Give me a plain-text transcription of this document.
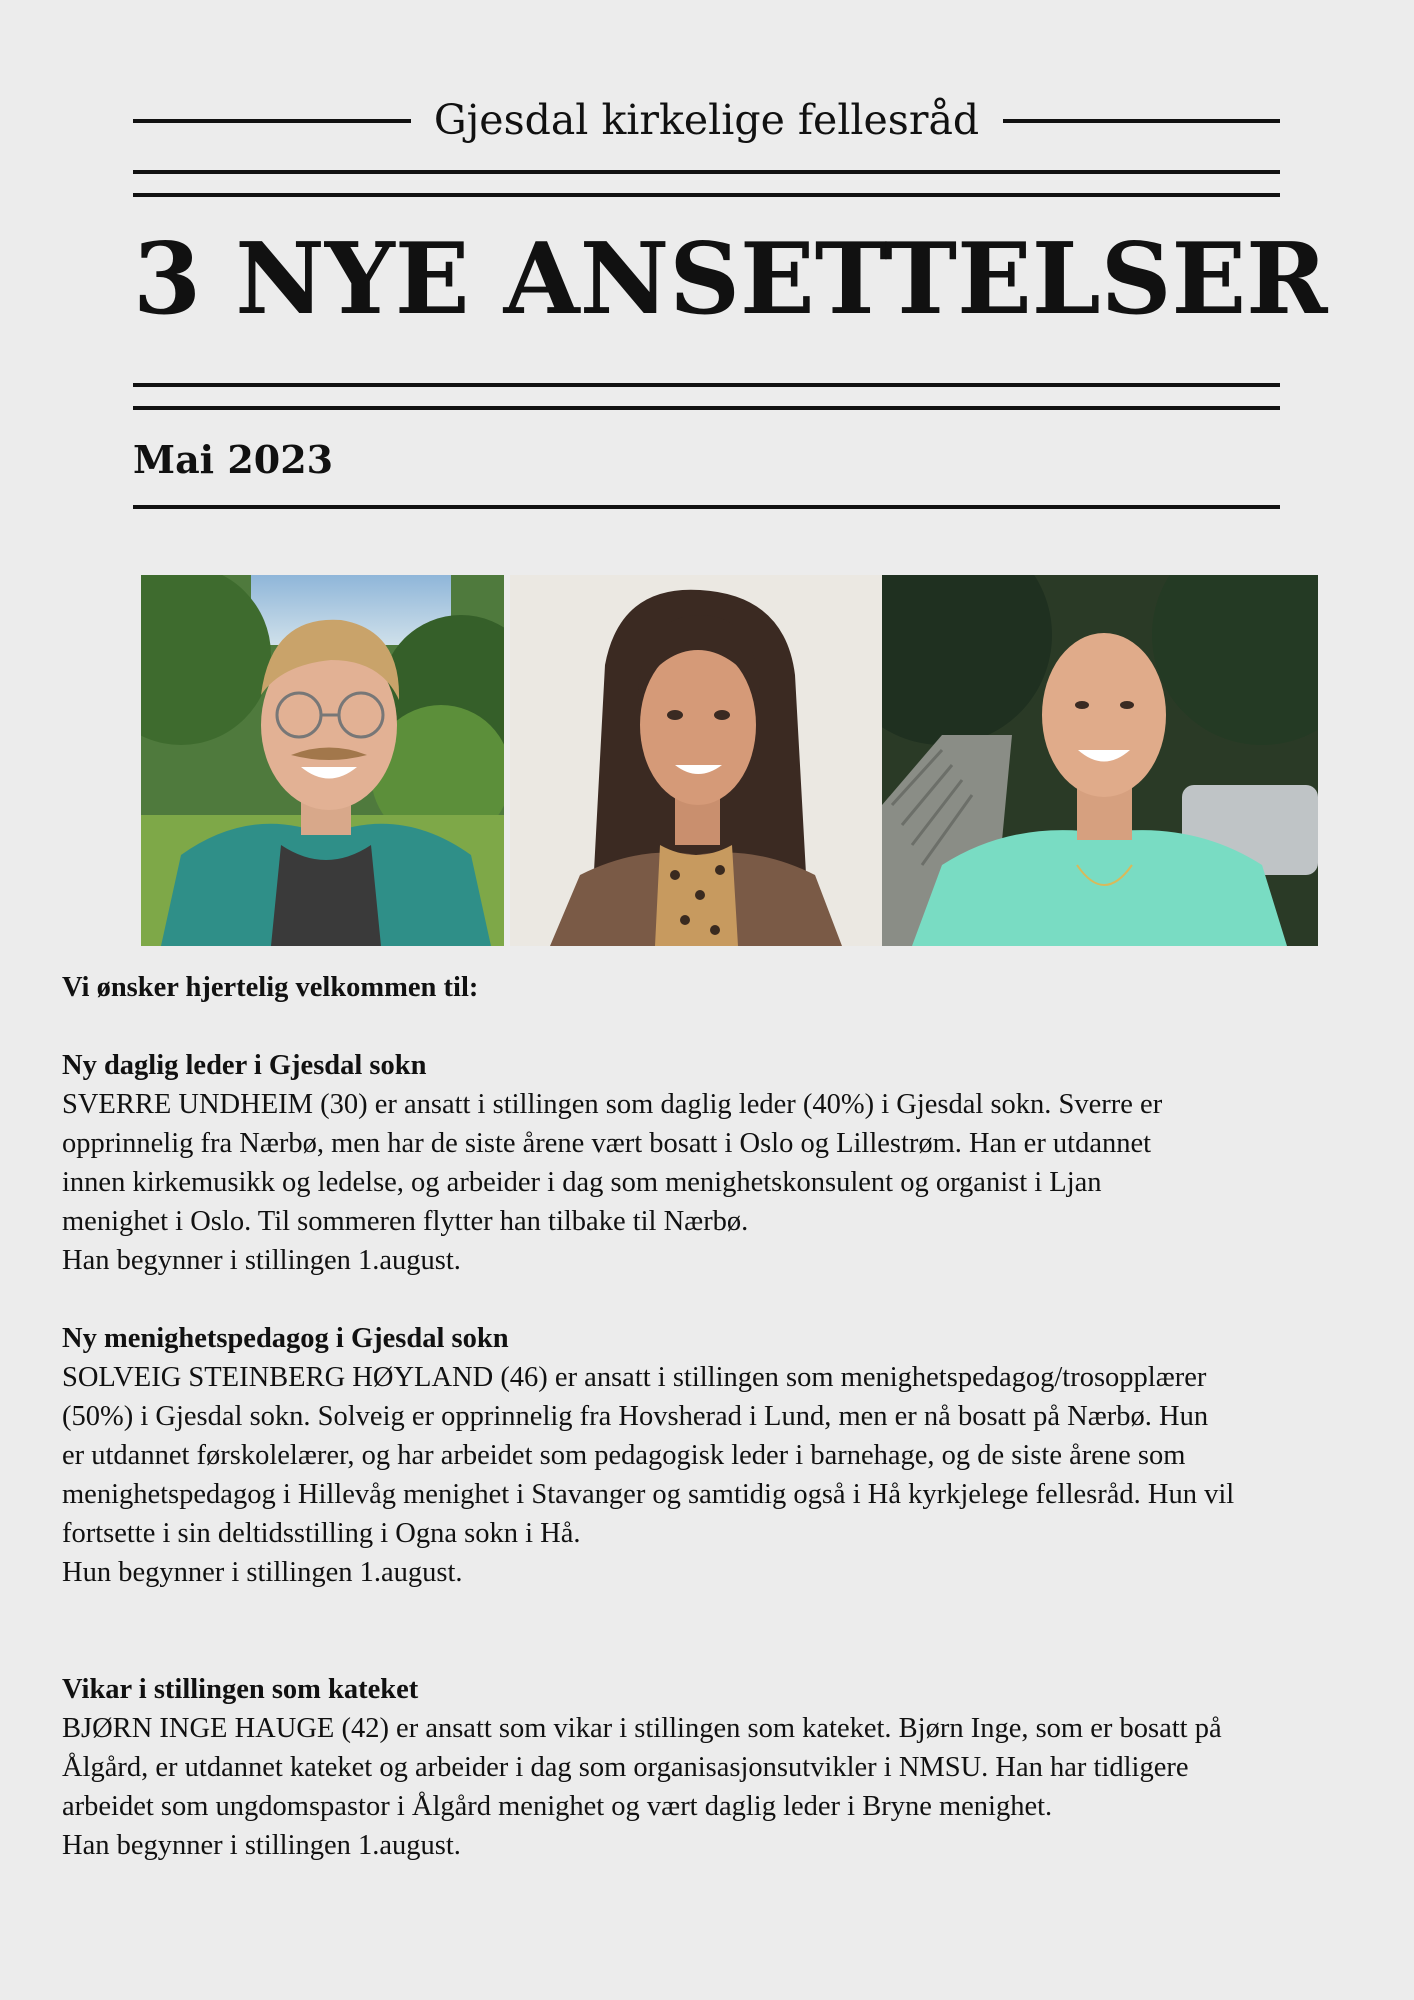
Gjesdal kirkelige fellesråd
3 NYE ANSETTELSER
Mai 2023

Vi ønsker hjertelig velkommen til:

Ny daglig leder i Gjesdal sokn

SVERRE UNDHEIM (30) er ansatt i stillingen som daglig leder (40%) i Gjesdal sokn. Sverre er

opprinnelig fra Nærbø, men har de siste årene vært bosatt i Oslo og Lillestrøm. Han er utdannet

innen kirkemusikk og ledelse, og arbeider i dag som menighetskonsulent og organist i Ljan

menighet i Oslo. Til sommeren flytter han tilbake til Nærbø.

Han begynner i stillingen 1.august.

Ny menighetspedagog i Gjesdal sokn

SOLVEIG STEINBERG HØYLAND (46) er ansatt i stillingen som menighetspedagog/trosopplærer

(50%) i Gjesdal sokn. Solveig er opprinnelig fra Hovsherad i Lund, men er nå bosatt på Nærbø. Hun

er utdannet førskolelærer, og har arbeidet som pedagogisk leder i barnehage, og de siste årene som

menighetspedagog i Hillevåg menighet i Stavanger og samtidig også i Hå kyrkjelege fellesråd. Hun vil

fortsette i sin deltidsstilling i Ogna sokn i Hå.

Hun begynner i stillingen 1.august.

Vikar i stillingen som kateket

BJØRN INGE HAUGE (42) er ansatt som vikar i stillingen som kateket. Bjørn Inge, som er bosatt på

Ålgård, er utdannet kateket og arbeider i dag som organisasjonsutvikler i NMSU. Han har tidligere

arbeidet som ungdomspastor i Ålgård menighet og vært daglig leder i Bryne menighet.

Han begynner i stillingen 1.august.
